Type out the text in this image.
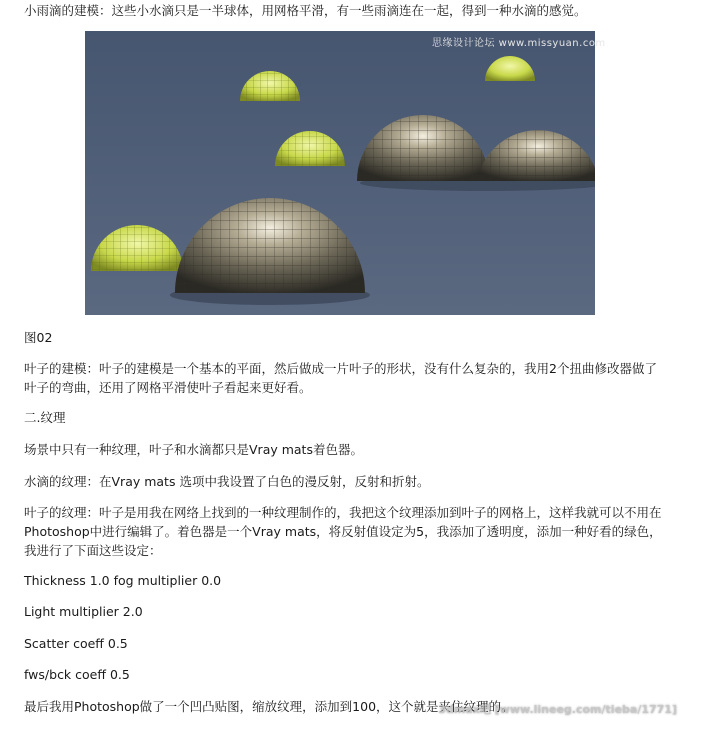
小雨滴的建模：这些小水滴只是一半球体，用网格平滑，有一些雨滴连在一起，得到一种水滴的感觉。

思缘设计论坛 www.missyuan.com

图02

叶子的建模：叶子的建模是一个基本的平面，然后做成一片叶子的形状，没有什么复杂的，我用2个扭曲修改器做了叶子的弯曲，还用了网格平滑使叶子看起来更好看。

二.纹理

场景中只有一种纹理，叶子和水滴都只是Vray mats着色器。

水滴的纹理：在Vray mats 选项中我设置了白色的漫反射，反射和折射。

叶子的纹理：叶子是用我在网络上找到的一种纹理制作的，我把这个纹理添加到叶子的网格上，这样我就可以不用在Photoshop中进行编辑了。着色器是一个Vray mats，将反射值设定为5，我添加了透明度，添加一种好看的绿色，我进行了下面这些设定：

Thickness 1.0 fog multiplier 0.0

Light multiplier 2.0

Scatter coeff 0.5

fws/bck coeff 0.5

最后我用Photoshop做了一个凹凸贴图，缩放纹理，添加到100，这个就是夹住纹理的。

3dmax吧 [www.lineeg.com/tieba/1771]
